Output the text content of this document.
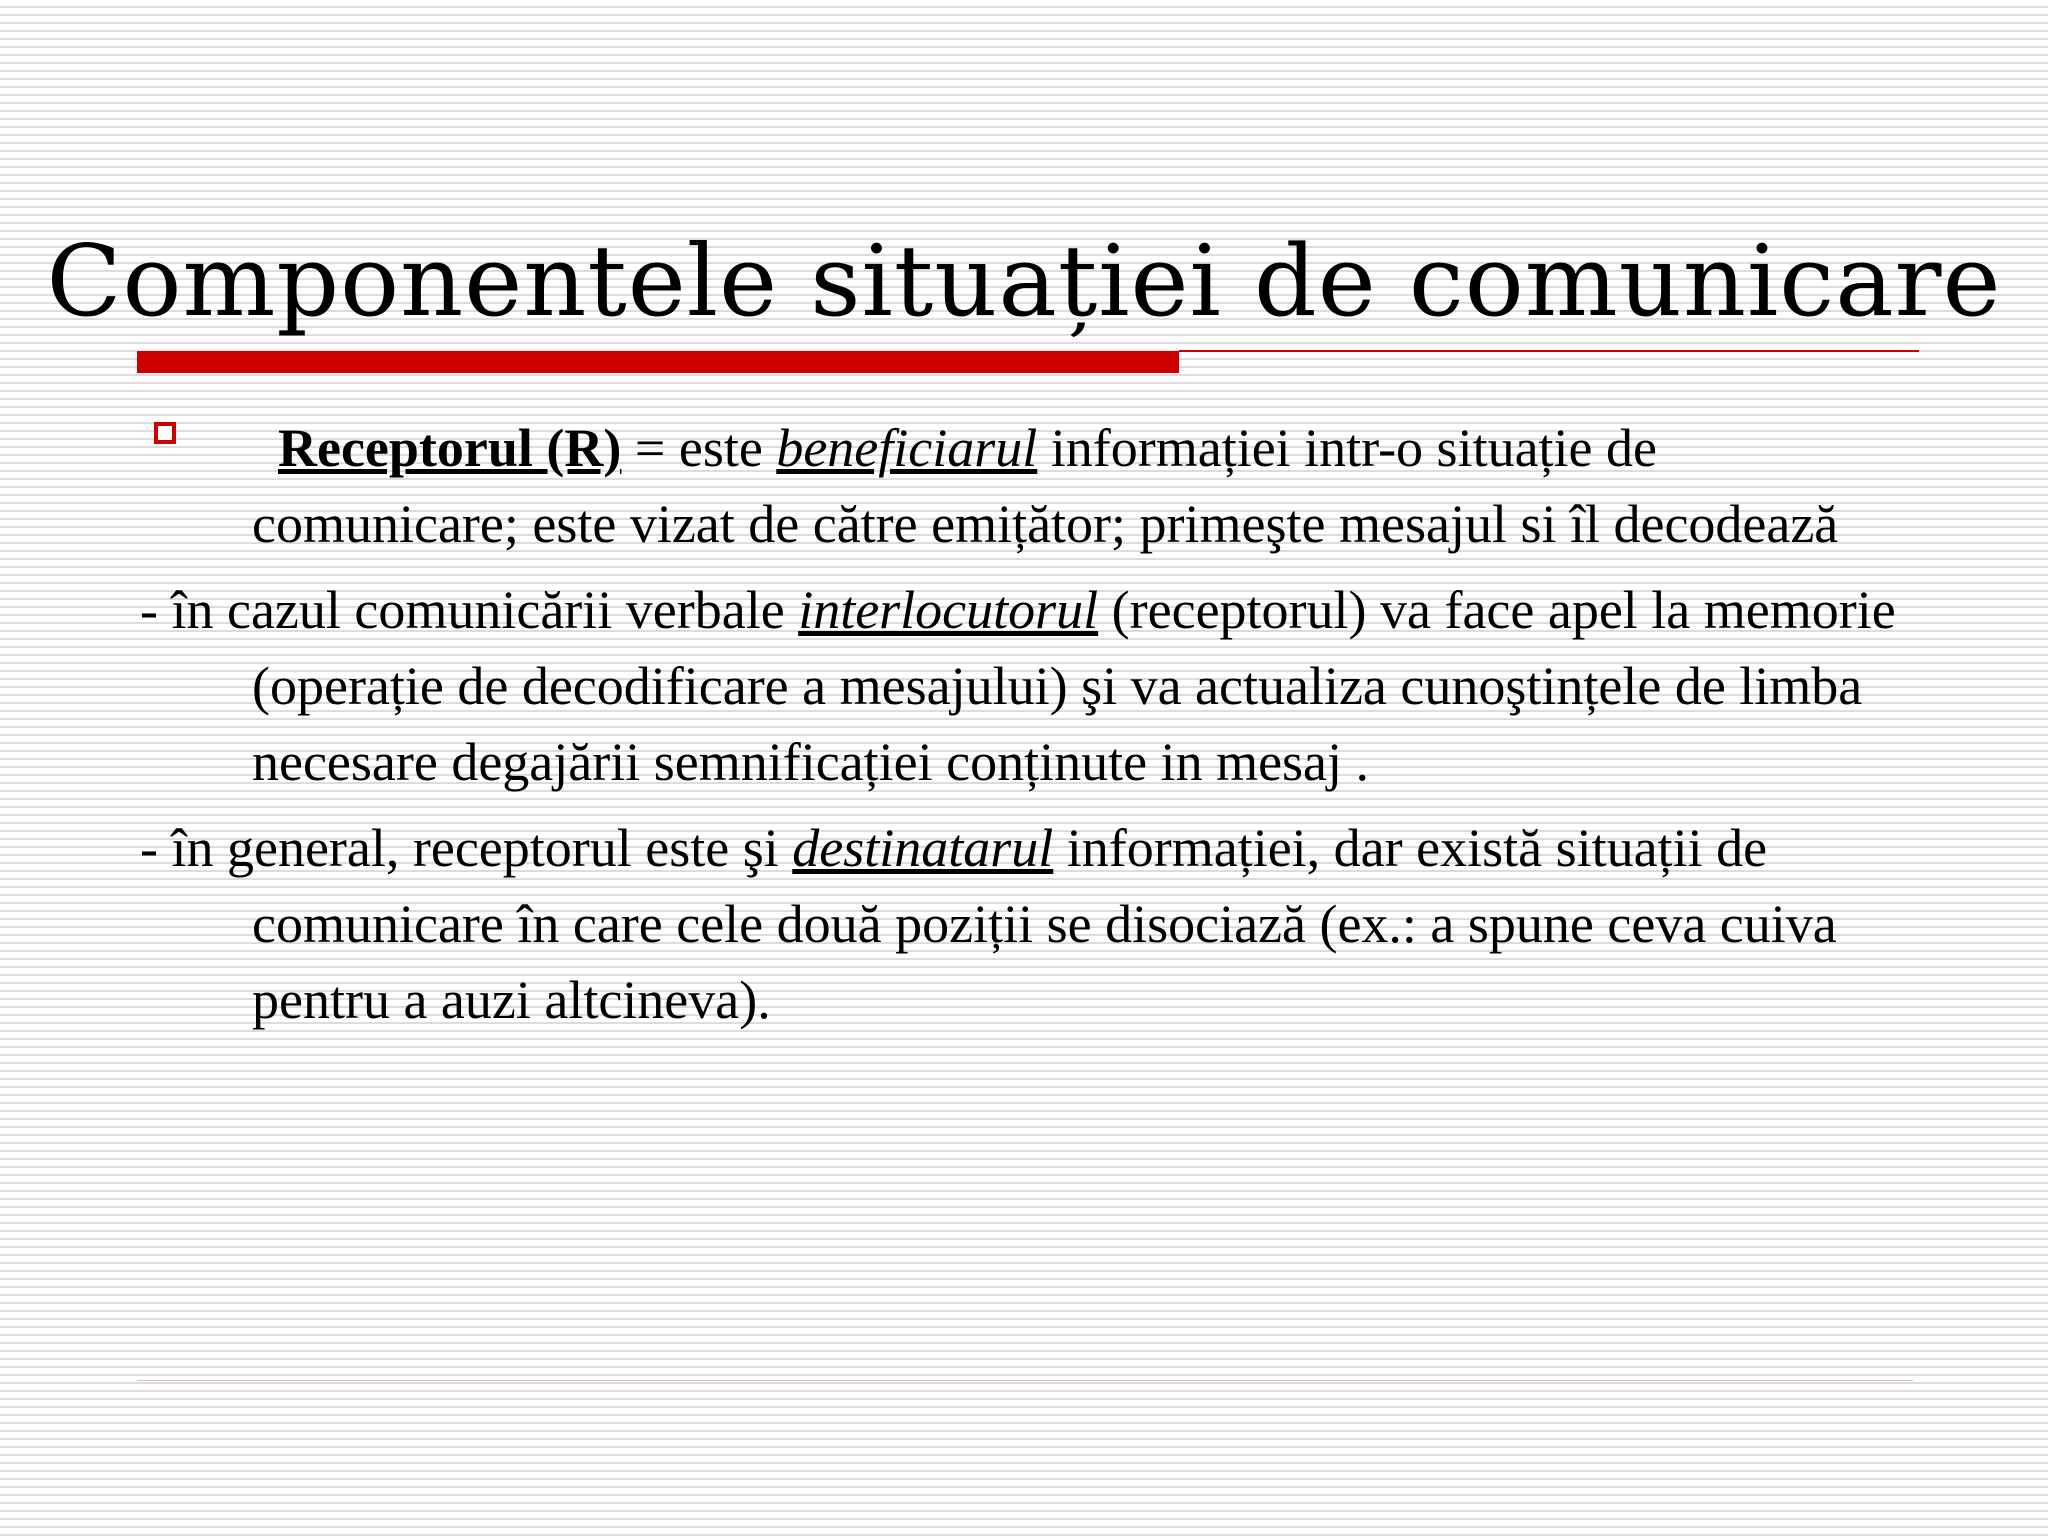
Componentele situației de comunicare

Receptorul (R) = este beneficiarul informației intr-o situație de comunicare; este vizat de către emițător; primeşte mesajul si îl decodează

- în cazul comunicării verbale interlocutorul (receptorul) va face apel la memorie (operație de decodificare a mesajului) şi va actualiza cunoştințele de limba necesare degajării semnificației conținute in mesaj .

- în general, receptorul este şi destinatarul informației, dar există situații de comunicare în care cele două poziții se disociază (ex.: a spune ceva cuiva pentru a auzi altcineva).
